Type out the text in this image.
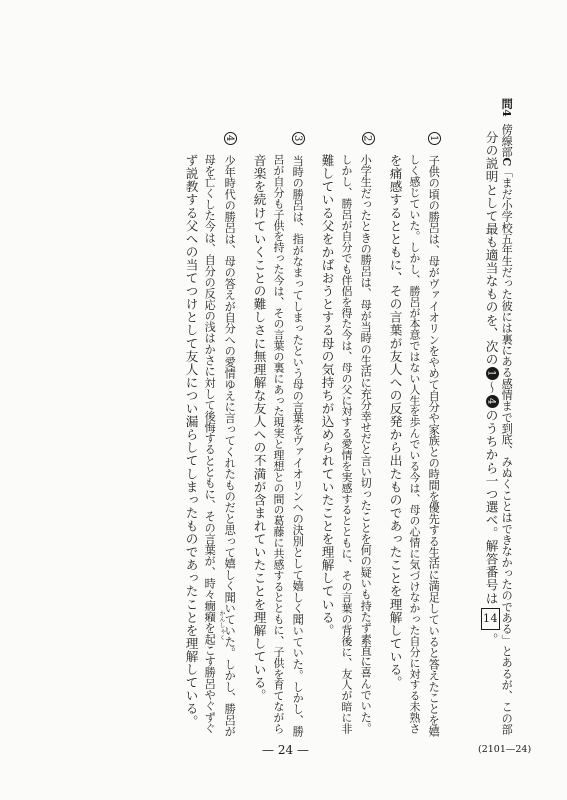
問4傍線部C「まだ小学校五年生だった彼には裏にある感情まで到底、みぬくことはできなかったのである」とあるが、この部
分の説明として最も適当なものを、次の1～4のうちから一つ選べ。解答番号は
14
。
1子供の頃の勝呂は、母がヴァイオリンをやめて自分や家族との時間を優先する生活に満足していると答えたことを嬉
しく感じていた。しかし、勝呂が本意ではない人生を歩んでいる今は、母の心情に気づけなかった自分に対する未熟さ
を痛感するとともに、その言葉が友人への反発から出たものであったことを理解している。
2
小学生だったときの勝呂は、母が当時の生活に充分幸せだと言い切ったことを何の疑いも持たず素直に喜んでいた。
しかし、勝呂が自分でも伴侶を得た今は、母の父に対する愛情を実感するとともに、その言葉の背後に、友人が暗に非
難している父をかばおうとする母の気持ちが込められていたことを理解している。
3当時の勝呂は、指がなまってしまったという母の言葉をヴァイオリンへの決別として嬉しく聞いていた。しかし、勝
呂が自分も子供を持った今は、その言葉の裏にあった現実と理想との間の葛藤に共感するとともに、子供を育てながら
音楽を続けていくことの難しさに無理解な友人への不満が含まれていたことを理解している。
4少年時代の勝呂は、母の答えが自分への愛情ゆえに言ってくれたものだと思って嬉しく聞いていた。しかし、勝呂が
母を亡くした今は、自分の反応の浅はかさに対して後悔するとともに、その言葉が、時々癇癪を起こす勝呂やぐずぐ かんしゃく
ず説教する父への当てつけとして友人につい漏らしてしまったものであったことを理解している。
— 24 —	(2101—24)
